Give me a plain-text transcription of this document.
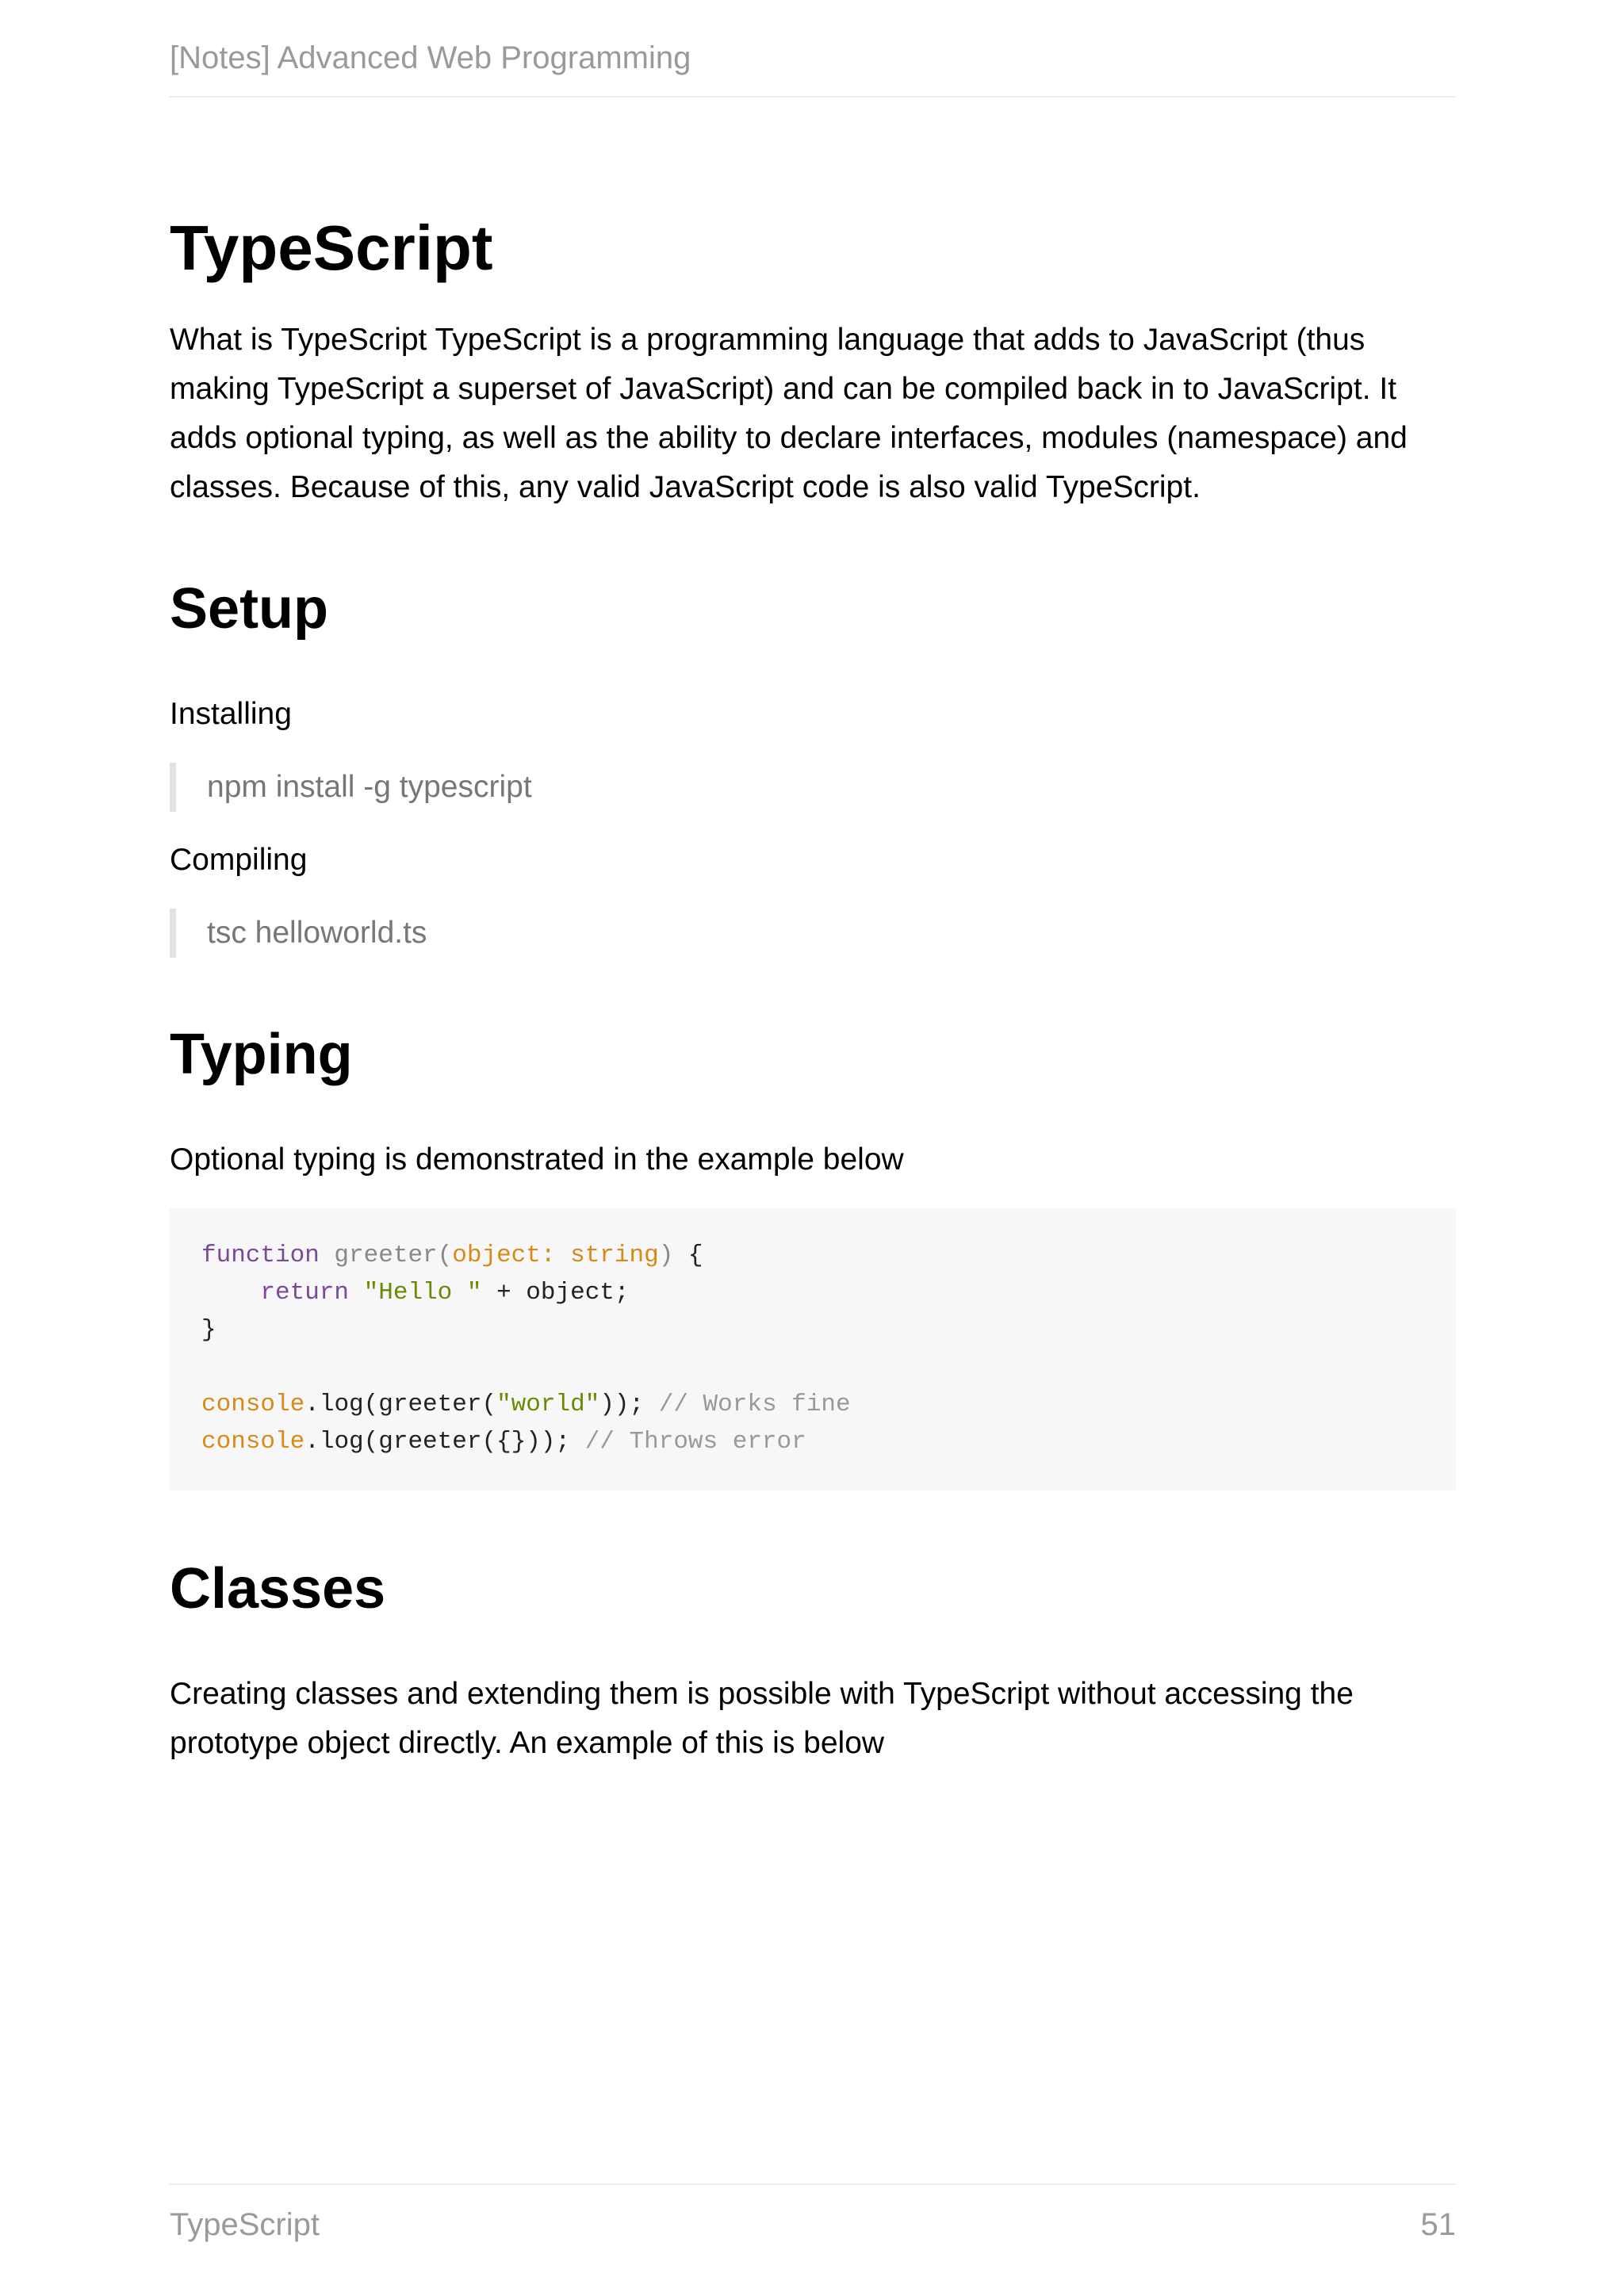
[Notes] Advanced Web Programming
TypeScript

What is TypeScript TypeScript is a programming language that adds to JavaScript (thus making TypeScript a superset of JavaScript) and can be compiled back in to JavaScript. It adds optional typing, as well as the ability to declare interfaces, modules (namespace) and classes. Because of this, any valid JavaScript code is also valid TypeScript.

Setup

Installing

npm install -g typescript

Compiling

tsc helloworld.ts
Typing

Optional typing is demonstrated in the example below

function greeter(object: string) {
return "Hello " + object;
}
console.log(greeter("world")); // Works fine
console.log(greeter({})); // Throws error
Classes

Creating classes and extending them is possible with TypeScript without accessing the prototype object directly. An example of this is below

TypeScript	51
